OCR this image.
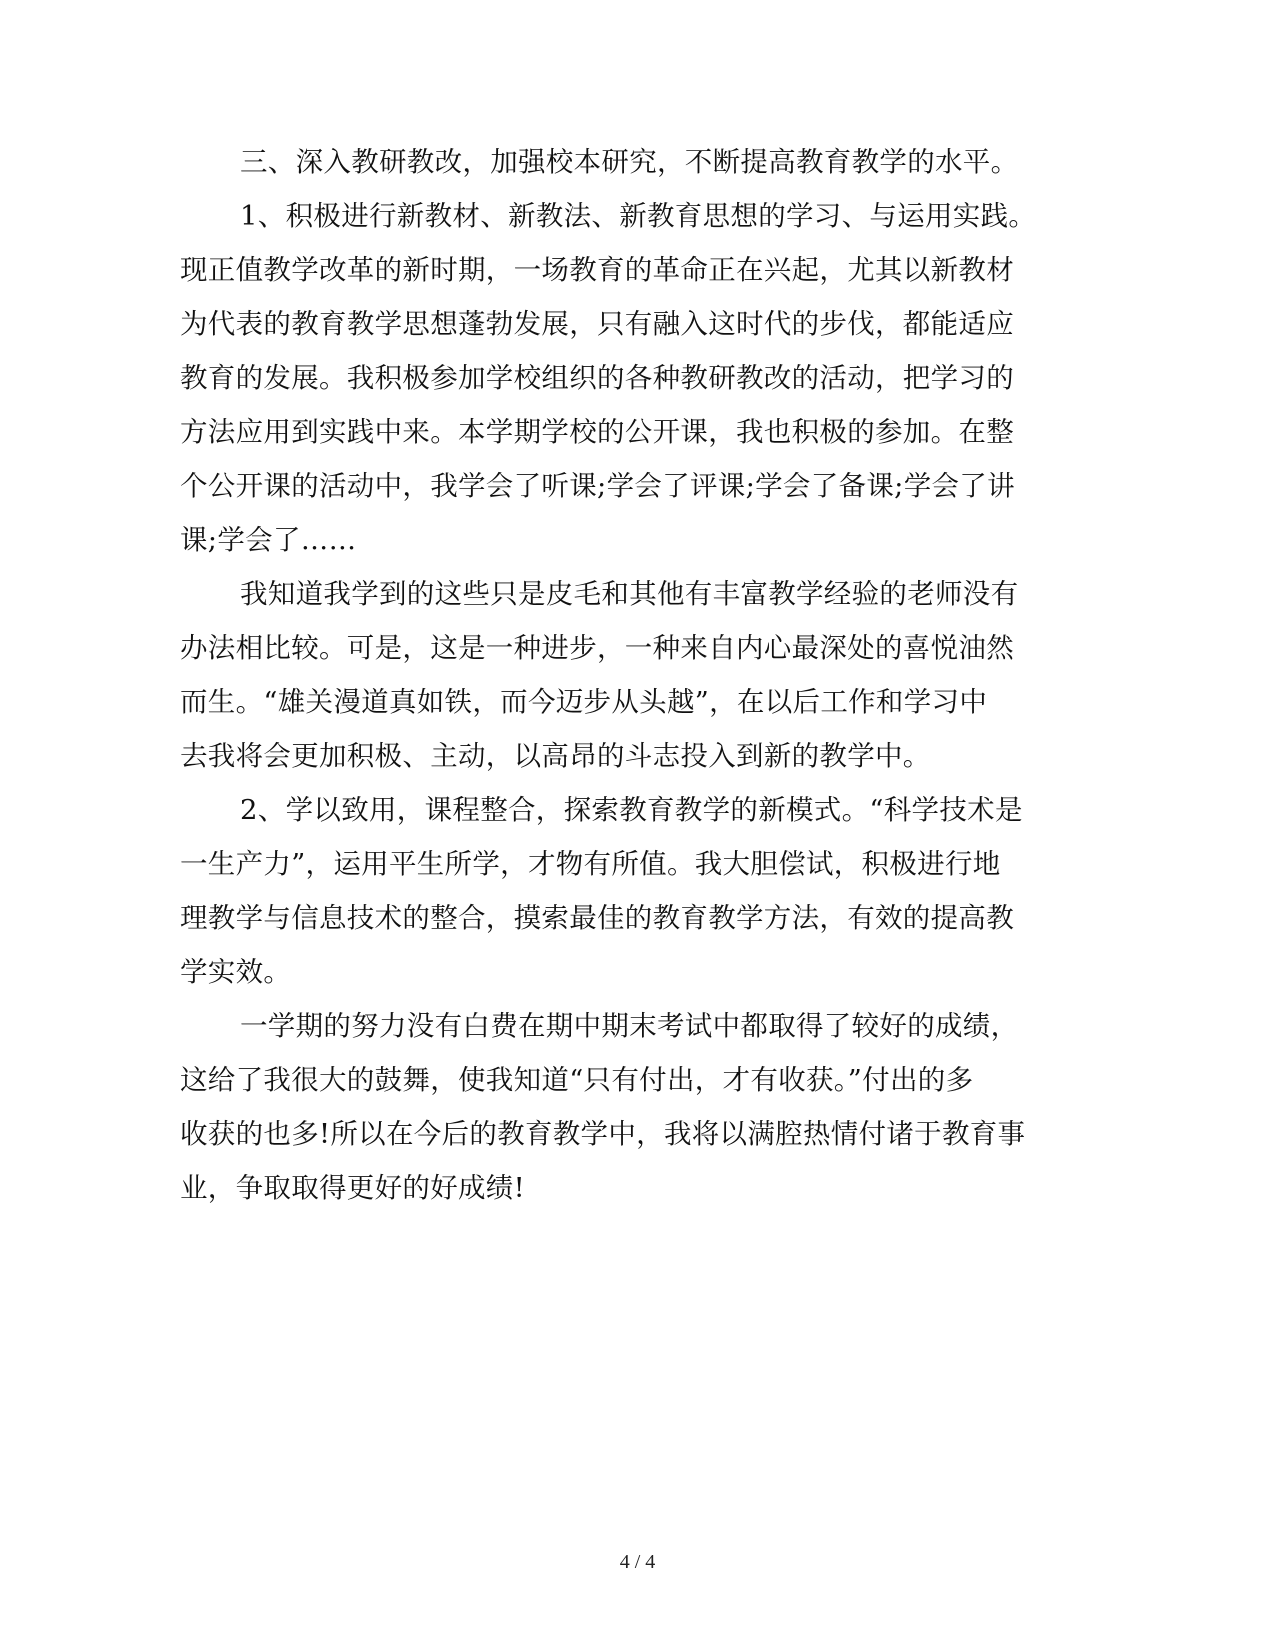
三、深入教研教改，加强校本研究，不断提高教育教学的水平。

1、积极进行新教材、新教法、新教育思想的学习、与运用实践。

现正值教学改革的新时期，一场教育的革命正在兴起，尤其以新教材

为代表的教育教学思想蓬勃发展，只有融入这时代的步伐，都能适应

教育的发展。我积极参加学校组织的各种教研教改的活动，把学习的

方法应用到实践中来。本学期学校的公开课，我也积极的参加。在整

个公开课的活动中，我学会了听课;学会了评课;学会了备课;学会了讲

课;学会了……

我知道我学到的这些只是皮毛和其他有丰富教学经验的老师没有

办法相比较。可是，这是一种进步，一种来自内心最深处的喜悦油然

而生。“雄关漫道真如铁，而今迈步从头越”，在以后工作和学习中

去我将会更加积极、主动，以高昂的斗志投入到新的教学中。

2、学以致用，课程整合，探索教育教学的新模式。“科学技术是

一生产力”，运用平生所学，才物有所值。我大胆偿试，积极进行地

理教学与信息技术的整合，摸索最佳的教育教学方法，有效的提高教

学实效。

一学期的努力没有白费在期中期末考试中都取得了较好的成绩，

这给了我很大的鼓舞，使我知道“只有付出，才有收获。”付出的多

收获的也多!所以在今后的教育教学中，我将以满腔热情付诸于教育事

业，争取取得更好的好成绩!

4 / 4
